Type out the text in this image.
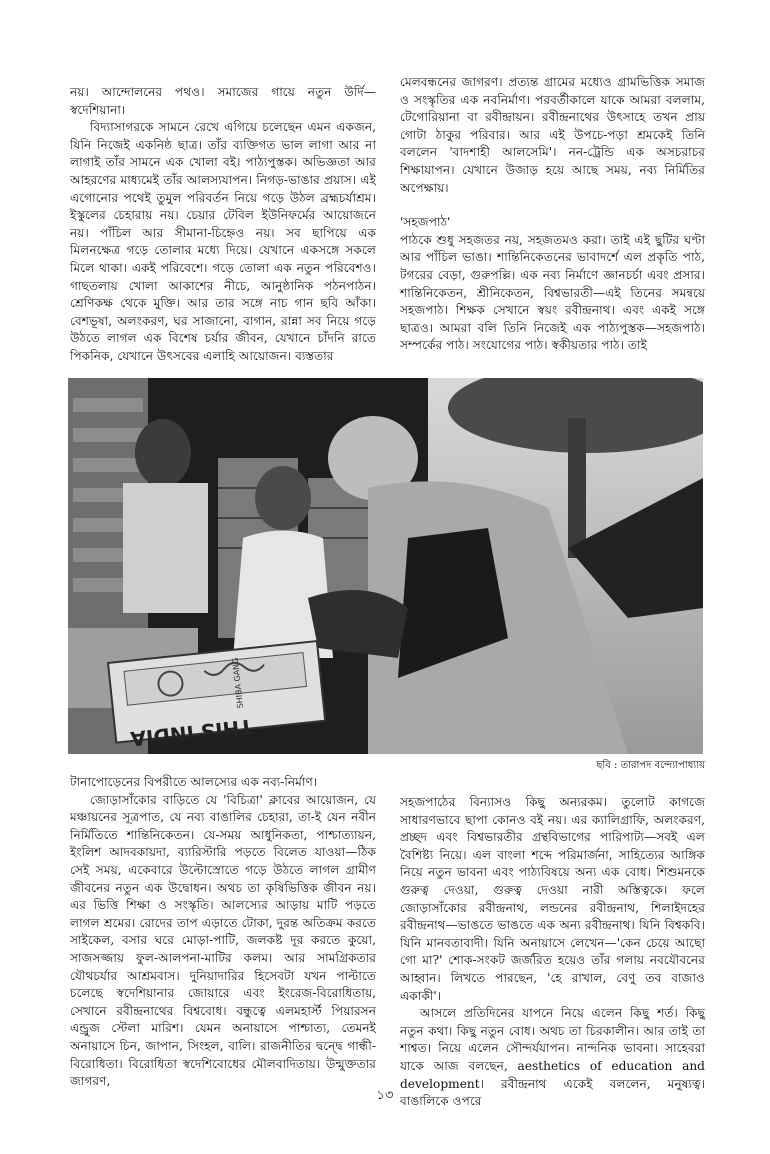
নয়। আন্দোলনের পথও। সমাজের গায়ে নতুন উর্দি—স্বদেশিয়ানা।

বিদ্যাসাগরকে সামনে রেখে এগিয়ে চলেছেন এমন একজন, যিনি নিজেই একনিষ্ঠ ছাত্র। তাঁর ব্যক্তিগত ভাল লাগা আর না লাগাই তাঁর সামনে এক খোলা বই। পাঠ্যপুস্তক। অভিজ্ঞতা আর আহরণের মাধ্যমেই তাঁর আলস্যযাপন। নিগড়-ভাঙার প্রয়াস। এই এগোনোর পথেই তুমুল পরিবর্তন নিয়ে গড়ে উঠল ব্রহ্মচর্যাশ্রম। ইস্কুলের চেহারায় নয়। চেয়ার টেবিল ইউনিফর্মের আয়োজনে নয়। পাঁচিল আর সীমানা-চিহ্নেও নয়। সব ছাপিয়ে এক মিলনক্ষেত্র গড়ে তোলার মধ্যে দিয়ে। যেখানে একসঙ্গে সকলে মিলে থাকা। একই পরিবেশে। গড়ে তোলা এক নতুন পরিবেশও। গাছতলায় খোলা আকাশের নীচে, আনুষ্ঠানিক পঠনপাঠন। শ্রেণিকক্ষ থেকে মুক্তি। আর তার সঙ্গে নাচ গান ছবি আঁকা। বেশভূষা, অলংকরণ, ঘর সাজানো, বাগান, রান্না সব নিয়ে গড়ে উঠতে লাগল এক বিশেষ চর্যার জীবন, যেখানে চাঁদনি রাতে পিকনিক, যেখানে উৎসবের এলাহি আয়োজন। ব্যস্ততার

মেলবন্ধনের জাগরণ। প্রত্যন্ত গ্রামের মধ্যেও গ্রামভিত্তিক সমাজ ও সংস্কৃতির এক নবনির্মাণ। পরবর্তীকালে যাকে আমরা বললাম, টেগোরিয়ানা বা রবীন্দ্রায়ন। রবীন্দ্রনাথের উৎসাহে তখন প্রায় গোটা ঠাকুর পরিবার। আর এই উপচে-পড়া শ্রমকেই তিনি বললেন 'বাদশাহী আলসেমি'। নন-ট্রেন্ডি এক অসচরাচর শিক্ষাযাপন। যেখানে উজাড় হয়ে আছে সময়, নব্য নির্মিতির অপেক্ষায়।

'সহজপাঠ'

পাঠকে শুধু সহজতর নয়, সহজতমও করা। তাই এই ছুটির ঘণ্টা আর পাঁচিল ভাঙা। শান্তিনিকেতনের ভাবাদর্শে এল প্রকৃতি পাঠ, টগরের বেড়া, গুরুপল্লি। এক নব্য নির্মাণে জ্ঞানচর্চা এবং প্রসার। শান্তিনিকেতন, শ্রীনিকেতন, বিশ্বভারতী—এই তিনের সমন্বয়ে সহজপাঠ। শিক্ষক সেখানে স্বয়ং রবীন্দ্রনাথ। এবং একই সঙ্গে ছাত্রও। আমরা বলি তিনি নিজেই এক পাঠ্যপুস্তক—সহজপাঠ। সম্পর্কের পাঠ। সংযোগের পাঠ। স্বকীয়তার পাঠ। তাই

THIS INDIA
SHIBA GANG
ছবি : তারাপদ বন্দ্যোপাধ্যায়

টানাপোড়েনের বিপরীতে আলস্যের এক নব্য-নির্মাণ।

জোড়াসাঁকোর বাড়িতে যে 'বিচিত্রা' ক্লাবের আয়োজন, যে মঞ্চায়নের সূত্রপাত, যে নব্য বাঙালির চেহারা, তা-ই যেন নবীন নির্মিতিতে শান্তিনিকেতন। যে-সময় আধুনিকতা, পাশ্চাত্যায়ন, ইংলিশ আদবকায়দা, ব্যারিস্টারি পড়তে বিলেত যাওয়া—ঠিক সেই সময়, একেবারে উল্টোস্রোতে গড়ে উঠতে লাগল গ্রামীণ জীবনের নতুন এক উদ্বোধন। অথচ তা কৃষিভিত্তিক জীবন নয়। এর ভিত্তি শিক্ষা ও সংস্কৃতি। আলস্যের আড়ায় মাটি পড়তে লাগল শ্রমের। রোদের তাপ এড়াতে টোকা, দুরন্ত অতিক্রম করতে সাইকেল, বসার ঘরে মোড়া-পাটি, জলকষ্ট দূর করতে কুয়ো, সাজসজ্জায় ফুল-আলপনা-মাটির কলম। আর সামগ্রিকতার যৌথচর্যার আশ্রমবাস। দুনিয়াদারির হিসেবটা যখন পাল্টাতে চলেছে স্বদেশিয়ানার জোয়ারে এবং ইংরেজ-বিরোধিতায়, সেখানে রবীন্দ্রনাথের বিশ্ববোধ। বন্ধুত্বে এলমহার্স্ট পিয়ারসন এন্ড্রুজ স্টেলা মারিশ। যেমন অনায়াসে পাশ্চাত্য, তেমনই অনায়াসে চিন, জাপান, সিংহল, বালি। রাজনীতির দ্বন্দ্বে গান্ধী-বিরোধিতা। বিরোধিতা স্বদেশিবোধের মৌলবাদিতায়। উন্মুক্ততার জাগরণ,

সহজপাঠের বিন্যাসও কিছু অন্যরকম। তুলোট কাগজে সাধারণভাবে ছাপা কোনও বই নয়। এর ক্যালিগ্রাফি, অলংকরণ, প্রচ্ছদ এবং বিশ্বভারতীর গ্রন্থবিভাগের পারিপাট্য—সবই এল বৈশিষ্ট্য নিয়ে। এল বাংলা শব্দে পরিমার্জনা, সাহিত্যের আঙ্গিক নিয়ে নতুন ভাবনা এবং পাঠ্যবিষয়ে অন্য এক বোধ। শিশুমনকে গুরুত্ব দেওয়া, গুরুত্ব দেওয়া নারী অস্তিত্বকে। ফলে জোড়াসাঁকোর রবীন্দ্রনাথ, লন্ডনের রবীন্দ্রনাথ, শিলাইদহের রবীন্দ্রনাথ—ভাঙতে ভাঙতে এক অন্য রবীন্দ্রনাথ। যিনি বিশ্বকবি। যিনি মানবতাবাদী। যিনি অনায়াসে লেখেন—'কেন চেয়ে আছো গো মা?' শোক-সংকট জর্জরিত হয়েও তাঁর গলায় নবযৌবনের আহ্বান। লিখতে পারছেন, 'হে রাখাল, বেণু তব বাজাও একাকী'।

আসলে প্রতিদিনের যাপনে নিয়ে এলেন কিছু শর্ত। কিছু নতুন কথা। কিছু নতুন বোধ। অথচ তা চিরকালীন। আর তাই তা শাশ্বত। নিয়ে এলেন সৌন্দর্যযাপন। নান্দনিক ভাবনা। সাহেবরা যাকে আজ বলছেন, aesthetics of education and development। রবীন্দ্রনাথ একেই বললেন, মনুষ্যত্ব। বাঙালিকে ওপরে

১৩
